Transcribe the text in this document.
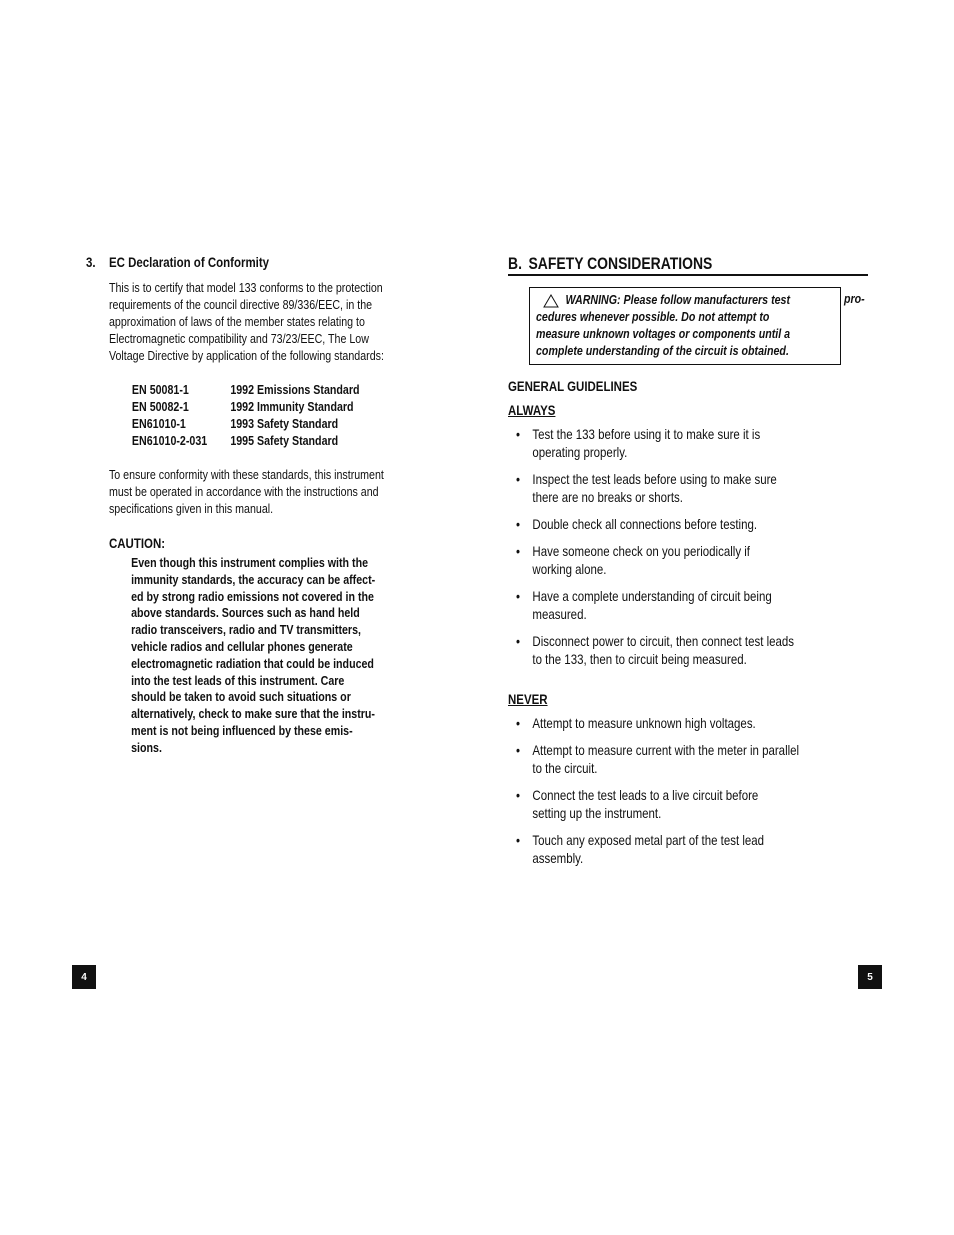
3. EC Declaration of Conformity
This is to certify that model 133 conforms to the protection
requirements of the council directive 89/336/EEC, in the
approximation of laws of the member states relating to
Electromagnetic compatibility and 73/23/EEC, The Low
Voltage Directive by application of the following standards:
EN 50081-1	1992 Emissions Standard
EN 50082-1	1992 Immunity Standard
EN61010-1	1993 Safety Standard
EN61010-2-031	1995 Safety Standard
To ensure conformity with these standards, this instrument
must be operated in accordance with the instructions and
specifications given in this manual.
CAUTION:
Even though this instrument complies with the
immunity standards, the accuracy can be affect-
ed by strong radio emissions not covered in the
above standards. Sources such as hand held
radio transceivers, radio and TV transmitters,
vehicle radios and cellular phones generate
electromagnetic radiation that could be induced
into the test leads of this instrument. Care
should be taken to avoid such situations or
alternatively, check to make sure that the instru-
ment is not being influenced by these emis-
sions.
B. SAFETY CONSIDERATIONS
WARNING: Please follow manufacturers test
cedures whenever possible. Do not attempt to
measure unknown voltages or components until a
complete understanding of the circuit is obtained.
pro-
GENERAL GUIDELINES
ALWAYS
• Test the 133 before using it to make sure it is
operating properly.
• Inspect the test leads before using to make sure
there are no breaks or shorts.
• Double check all connections before testing.
• Have someone check on you periodically if
working alone.
• Have a complete understanding of circuit being
measured.
• Disconnect power to circuit, then connect test leads
to the 133, then to circuit being measured.
NEVER
• Attempt to measure unknown high voltages.
• Attempt to measure current with the meter in parallel
to the circuit.
• Connect the test leads to a live circuit before
setting up the instrument.
• Touch any exposed metal part of the test lead
assembly.
4	5
